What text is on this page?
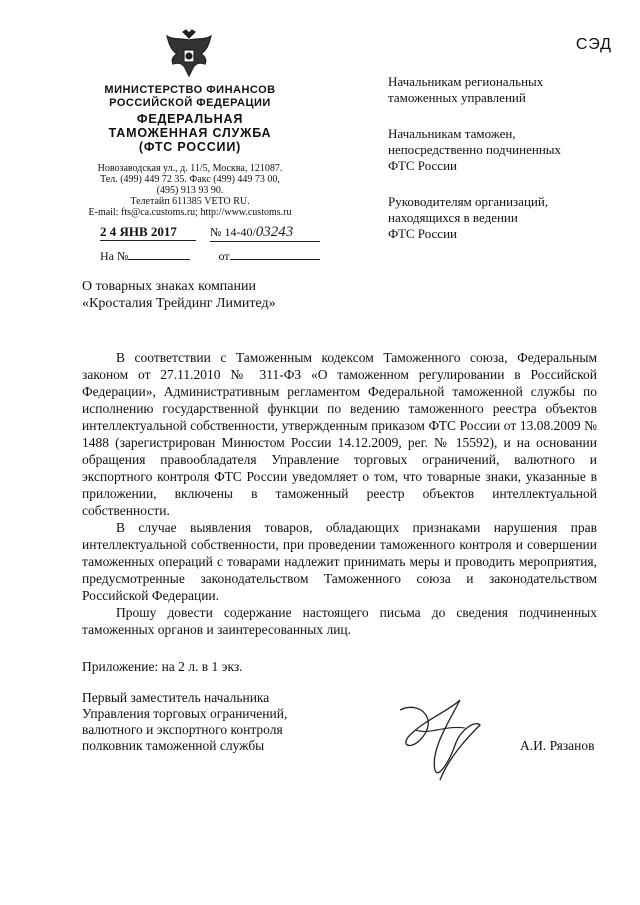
СЭД
МИНИСТЕРСТВО ФИНАНСОВ
РОССИЙСКОЙ ФЕДЕРАЦИИ
ФЕДЕРАЛЬНАЯ
ТАМОЖЕННАЯ СЛУЖБА
(ФТС РОССИИ)
Новозаводская ул., д. 11/5, Москва, 121087.
Тел. (499) 449 72 35. Факс (499) 449 73 00,
(495) 913 93 90.
Телетайп 611385 VETO RU.
E-mail: fts@ca.customs.ru; http://www.customs.ru
2 4 ЯНВ 2017	№ 14-40/03243
На №	от
Начальникам региональных
таможенных управлений
Начальникам таможен,
непосредственно подчиненных
ФТС России
Руководителям организаций,
находящихся в ведении
ФТС России
О товарных знаках компании
«Кросталия Трейдинг Лимитед»

В соответствии с Таможенным кодексом Таможенного союза, Федеральным законом от 27.11.2010 № 311-ФЗ «О таможенном регулировании в Российской Федерации», Административным регламентом Федеральной таможенной службы по исполнению государственной функции по ведению таможенного реестра объектов интеллектуальной собственности, утвержденным приказом ФТС России от 13.08.2009 № 1488 (зарегистрирован Минюстом России 14.12.2009, рег. № 15592), и на основании обращения правообладателя Управление торговых ограничений, валютного и экспортного контроля ФТС России уведомляет о том, что товарные знаки, указанные в приложении, включены в таможенный реестр объектов интеллектуальной собственности.

В случае выявления товаров, обладающих признаками нарушения прав интеллектуальной собственности, при проведении таможенного контроля и совершении таможенных операций с товарами надлежит принимать меры и проводить мероприятия, предусмотренные законодательством Таможенного союза и законодательством Российской Федерации.

Прошу довести содержание настоящего письма до сведения подчиненных таможенных органов и заинтересованных лиц.

Приложение: на 2 л. в 1 экз.
Первый заместитель начальника
Управления торговых ограничений,
валютного и экспортного контроля
полковник таможенной службы	А.И. Рязанов
